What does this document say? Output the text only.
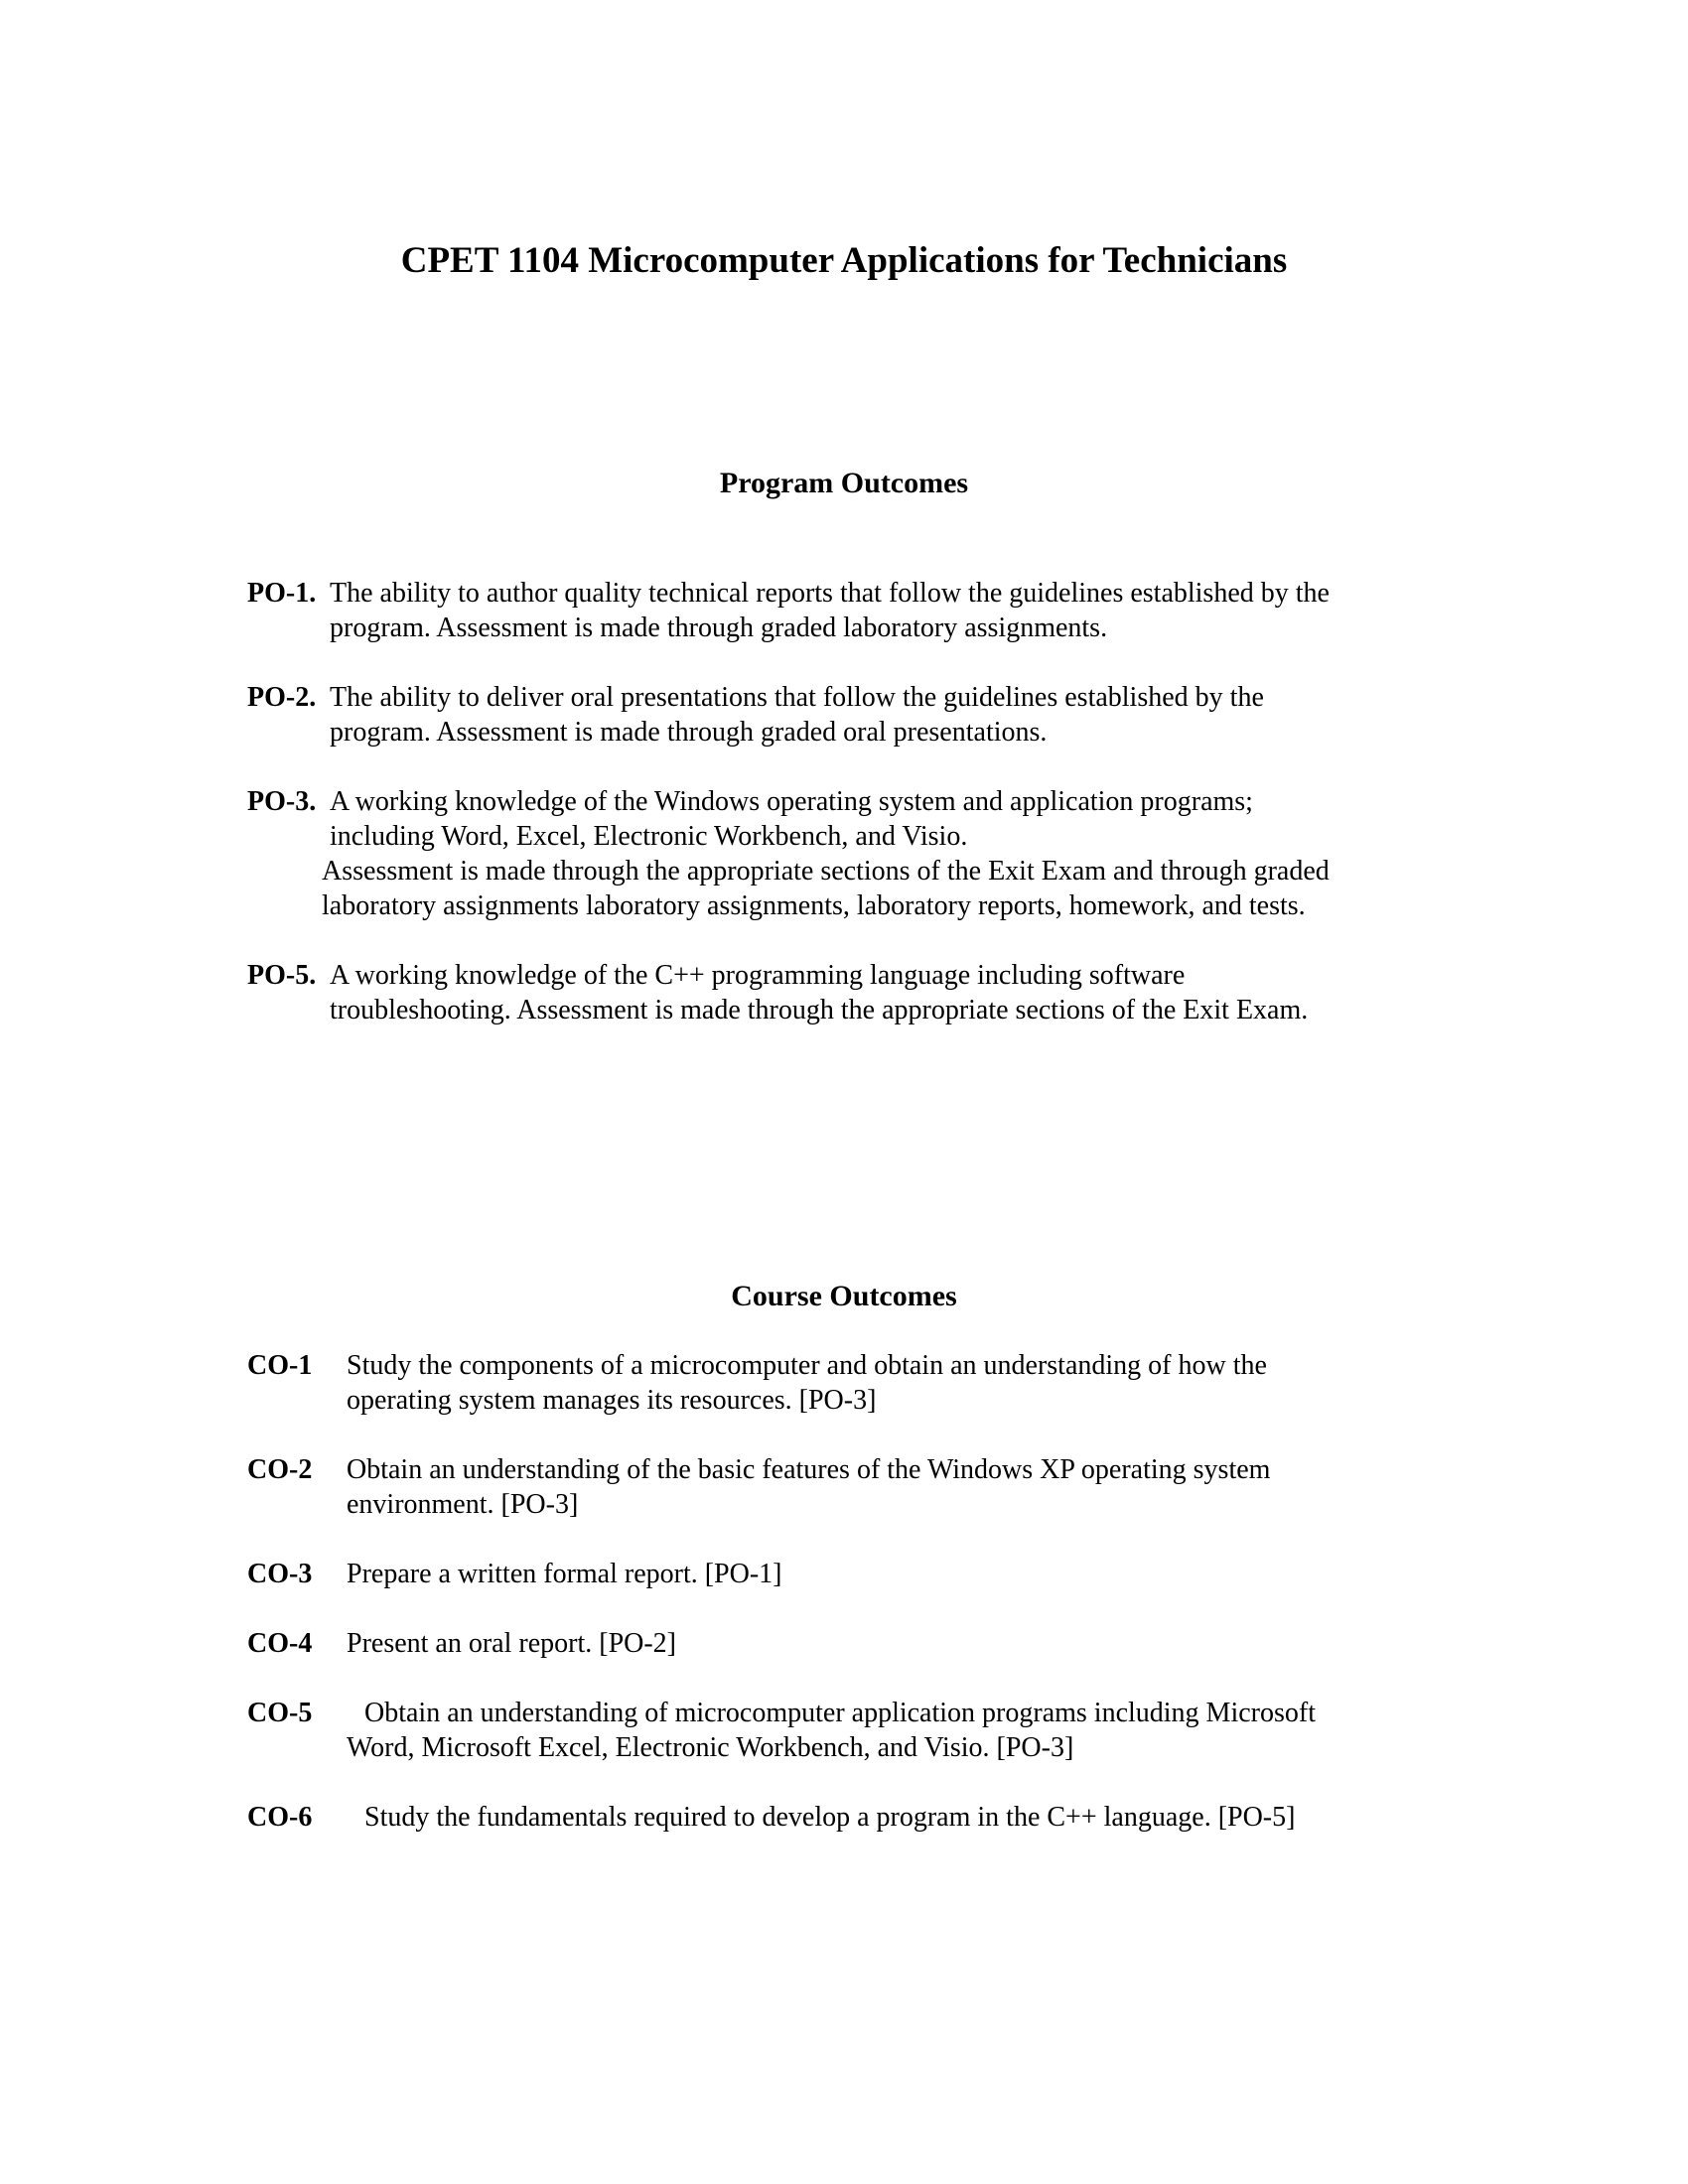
CPET 1104 Microcomputer Applications for Technicians
Program Outcomes
PO-1. The ability to author quality technical reports that follow the guidelines established by the
program. Assessment is made through graded laboratory assignments.
PO-2. The ability to deliver oral presentations that follow the guidelines established by the
program. Assessment is made through graded oral presentations.
PO-3. A working knowledge of the Windows operating system and application programs;
including Word, Excel, Electronic Workbench, and Visio.
Assessment is made through the appropriate sections of the Exit Exam and through graded
laboratory assignments laboratory assignments, laboratory reports, homework, and tests.
PO-5. A working knowledge of the C++ programming language including software
troubleshooting. Assessment is made through the appropriate sections of the Exit Exam.
Course Outcomes
CO-1 Study the components of a microcomputer and obtain an understanding of how the
operating system manages its resources. [PO-3]
CO-2 Obtain an understanding of the basic features of the Windows XP operating system
environment. [PO-3]
CO-3 Prepare a written formal report. [PO-1]
CO-4 Present an oral report. [PO-2]
CO-5 Obtain an understanding of microcomputer application programs including Microsoft
Word, Microsoft Excel, Electronic Workbench, and Visio. [PO-3]
CO-6 Study the fundamentals required to develop a program in the C++ language. [PO-5]
